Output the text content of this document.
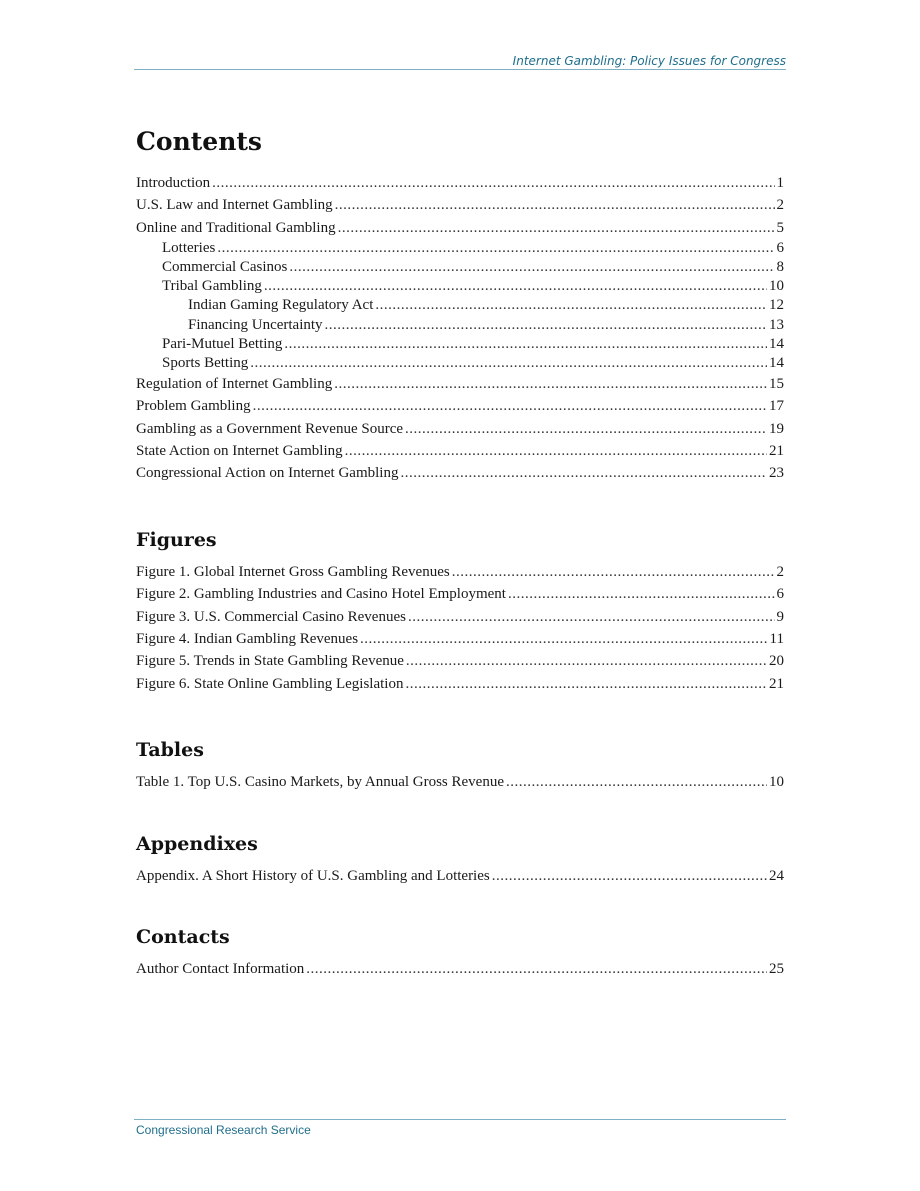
Internet Gambling: Policy Issues for Congress
Contents
Introduction .....	1
U.S. Law and Internet Gambling .....	2
Online and Traditional Gambling .....	5
Lotteries .....	6
Commercial Casinos .....	8
Tribal Gambling .....	10
Indian Gaming Regulatory Act .....	12
Financing Uncertainty .....	13
Pari-Mutuel Betting .....	14
Sports Betting .....	14
Regulation of Internet Gambling .....	15
Problem Gambling .....	17
Gambling as a Government Revenue Source .....	19
State Action on Internet Gambling .....	21
Congressional Action on Internet Gambling .....	23
Figures
Figure 1. Global Internet Gross Gambling Revenues .....	2
Figure 2. Gambling Industries and Casino Hotel Employment .....	6
Figure 3. U.S. Commercial Casino Revenues .....	9
Figure 4. Indian Gambling Revenues .....	11
Figure 5. Trends in State Gambling Revenue .....	20
Figure 6. State Online Gambling Legislation .....	21
Tables
Table 1. Top U.S. Casino Markets, by Annual Gross Revenue .....	10
Appendixes
Appendix. A Short History of U.S. Gambling and Lotteries .....	24
Contacts
Author Contact Information .....	25
Congressional Research Service
